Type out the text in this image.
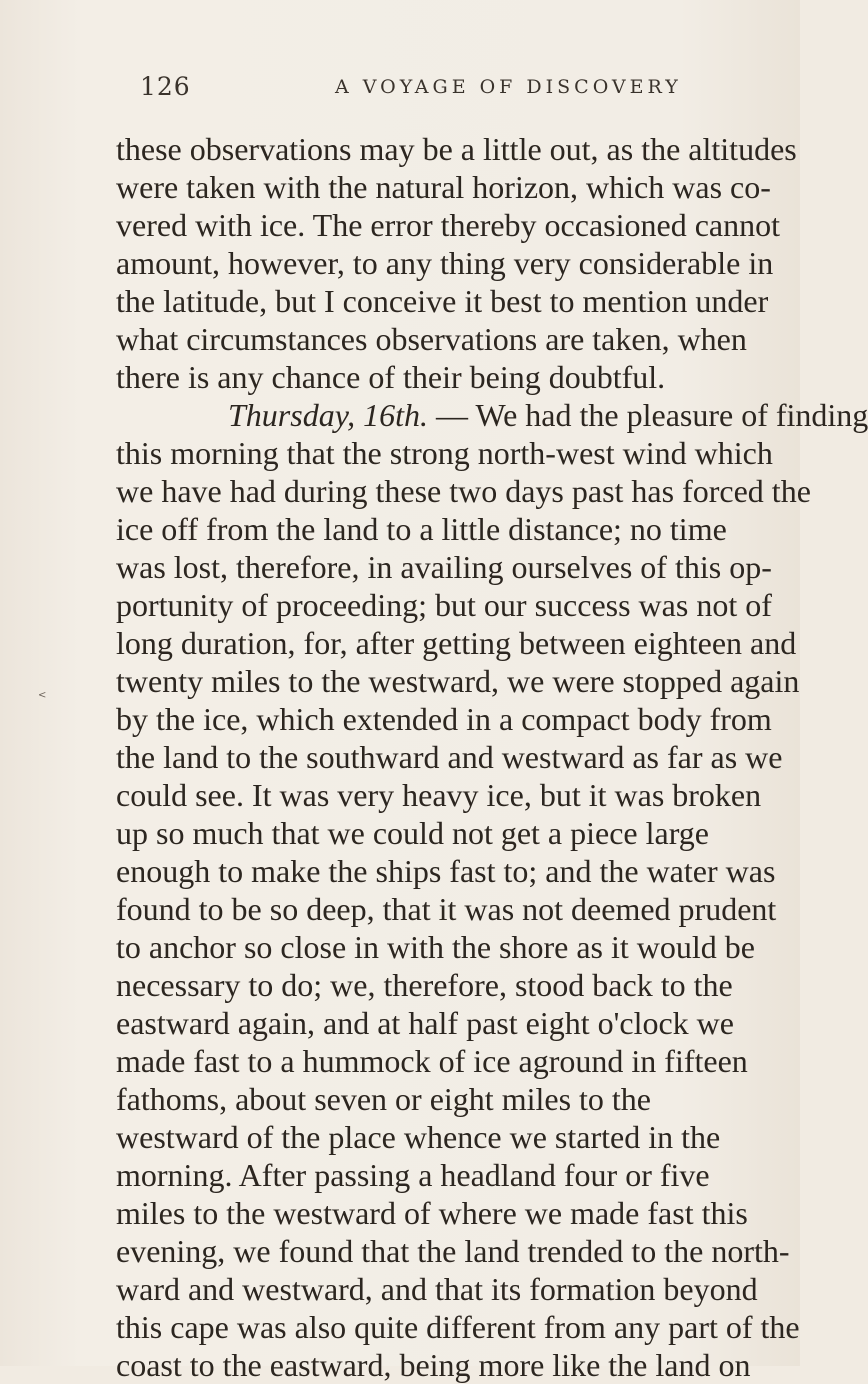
126	A VOYAGE OF DISCOVERY
<
these observations may be a little out, as the altitudes
were taken with the natural horizon, which was co-
vered with ice. The error thereby occasioned cannot
amount, however, to any thing very considerable in
the latitude, but I conceive it best to mention under
what circumstances observations are taken, when
there is any chance of their being doubtful.
Thursday, 16th. — We had the pleasure of finding
this morning that the strong north-west wind which
we have had during these two days past has forced the
ice off from the land to a little distance; no time
was lost, therefore, in availing ourselves of this op-
portunity of proceeding; but our success was not of
long duration, for, after getting between eighteen and
twenty miles to the westward, we were stopped again
by the ice, which extended in a compact body from
the land to the southward and westward as far as we
could see. It was very heavy ice, but it was broken
up so much that we could not get a piece large
enough to make the ships fast to; and the water was
found to be so deep, that it was not deemed prudent
to anchor so close in with the shore as it would be
necessary to do; we, therefore, stood back to the
eastward again, and at half past eight o'clock we
made fast to a hummock of ice aground in fifteen
fathoms, about seven or eight miles to the
westward of the place whence we started in the
morning. After passing a headland four or five
miles to the westward of where we made fast this
evening, we found that the land trended to the north-
ward and westward, and that its formation beyond
this cape was also quite different from any part of the
coast to the eastward, being more like the land on
